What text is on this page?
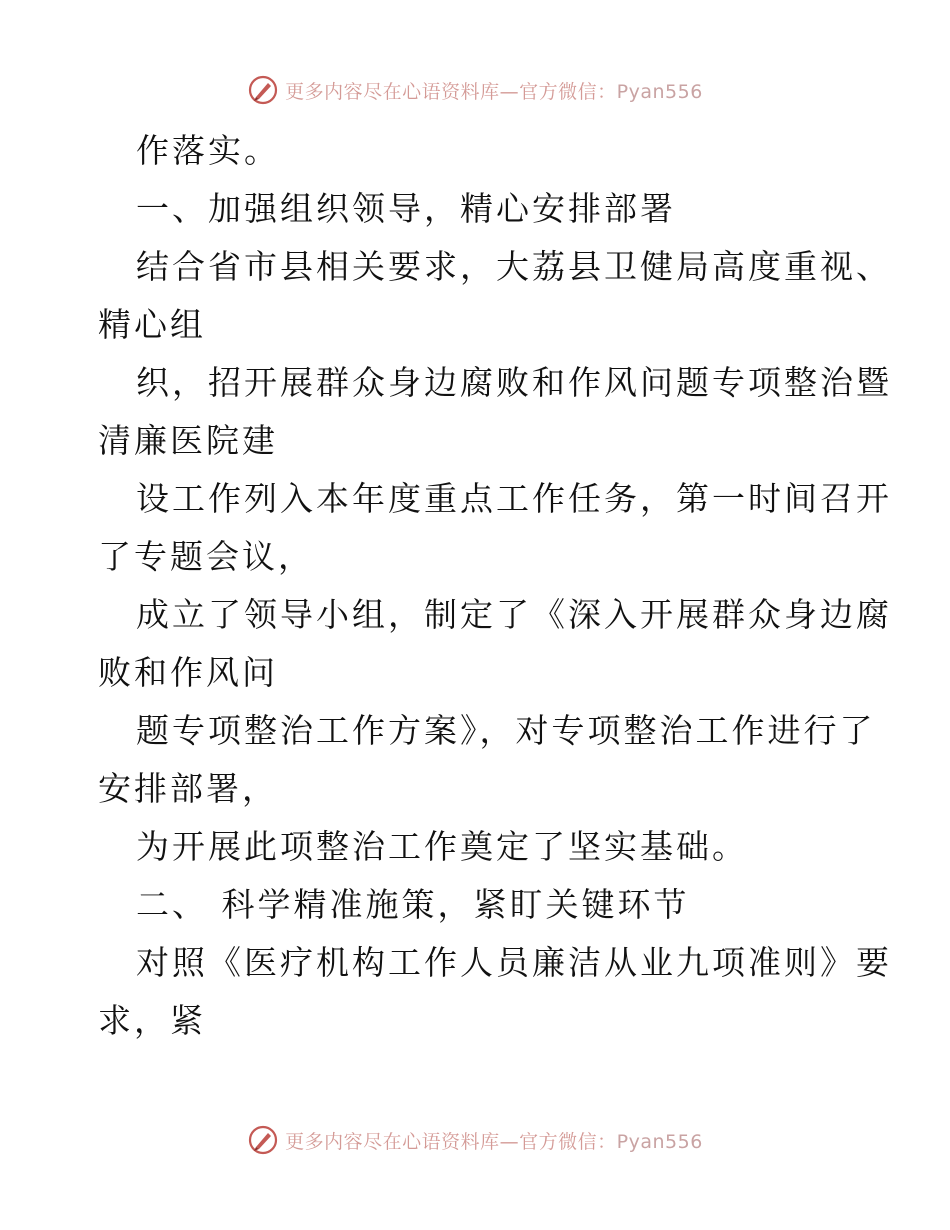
更多内容尽在心语资料库—官方微信：Pyan556
作落实。
一、加强组织领导，精心安排部署
结合省市县相关要求，大荔县卫健局高度重视、
精心组
织，招开展群众身边腐败和作风问题专项整治暨
清廉医院建
设工作列入本年度重点工作任务，第一时间召开
了专题会议，
成立了领导小组，制定了《深入开展群众身边腐
败和作风问
题专项整治工作方案》，对专项整治工作进行了
安排部署，
为开展此项整治工作奠定了坚实基础。
二、 科学精准施策，紧盯关键环节
对照《医疗机构工作人员廉洁从业九项准则》要
求，紧
更多内容尽在心语资料库—官方微信：Pyan556
